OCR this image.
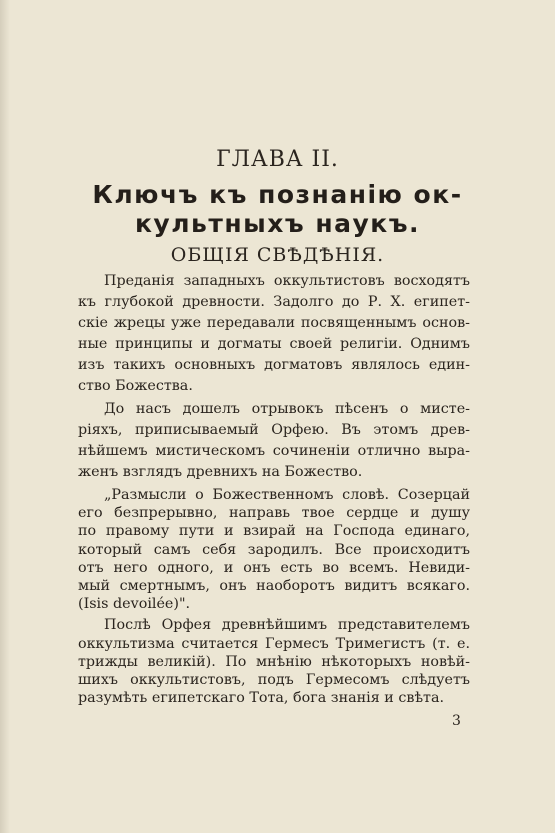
ГЛАВА II.
Ключъ къ познанію ок-
культныхъ наукъ.
ОБЩІЯ СВѢДѢНІЯ.
Преданія западныхъ оккультистовъ восходятъ
къ глубокой древности. Задолго до Р. Х. египет-
скіе жрецы уже передавали посвященнымъ основ-
ные принципы и догматы своей религіи. Однимъ
изъ такихъ основныхъ догматовъ являлось един-
ство Божества.
До насъ дошелъ отрывокъ пѣсенъ о мистe-
ріяхъ, приписываемый Орфею. Въ этомъ древ-
нѣйшемъ мистическомъ сочиненіи отлично выра-
женъ взглядъ древнихъ на Божество.
„Размысли о Божественномъ словѣ. Созерцай
его безпрерывно, направь твое сердце и душу
по правому пути и взирай на Господа единаго,
который самъ себя зародилъ. Все происходитъ
отъ него одного, и онъ есть во всемъ. Невиди-
мый смертнымъ, онъ наоборотъ видитъ всякаго.
(Isis devoilée)".
Послѣ Орфея древнѣйшимъ представителемъ
оккультизма считается Гермесъ Тримегистъ (т. е.
трижды великій). По мнѣнію нѣкоторыхъ новѣй-
шихъ оккультистовъ, подъ Гермесомъ слѣдуетъ
разумѣть египетскаго Тота, бога знанія и свѣта.
3
